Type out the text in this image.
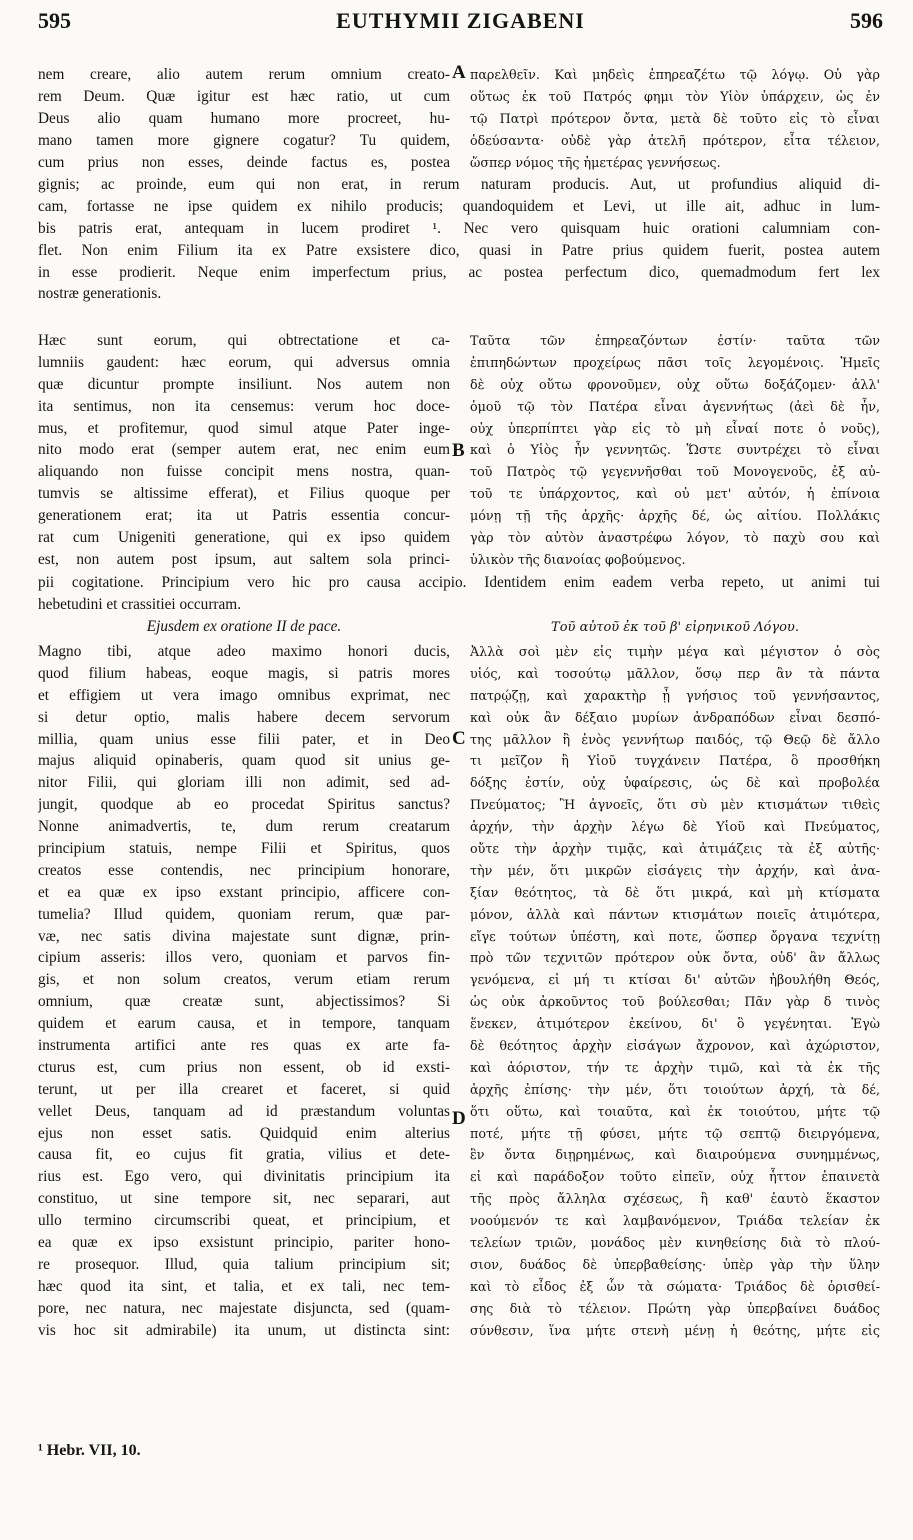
595	EUTHYMII ZIGABENI	596
nem creare, alio autem rerum omnium creato-
rem Deum. Quæ igitur est hæc ratio, ut cum
Deus alio quam humano more procreet, hu-
mano tamen more gignere cogatur? Tu quidem,
cum prius non esses, deinde factus es, postea
παρελθεῖν. Καὶ μηδεὶς ἐπηρεαζέτω τῷ λόγῳ. Οὐ γὰρ
οὕτως ἐκ τοῦ Πατρός φημι τὸν Υἱὸν ὑπάρχειν, ὡς ἐν
τῷ Πατρὶ πρότερον ὄντα, μετὰ δὲ τοῦτο εἰς τὸ εἶναι
ὁδεύσαντα· οὐδὲ γὰρ ἀτελῆ πρότερον, εἶτα τέλειον,
ὥσπερ νόμος τῆς ἡμετέρας γεννήσεως.
A
gignis; ac proinde, eum qui non erat, in rerum naturam producis. Aut, ut profundius aliquid di-
cam, fortasse ne ipse quidem ex nihilo producis; quandoquidem et Levi, ut ille ait, adhuc in lum-
bis patris erat, antequam in lucem prodiret ¹. Nec vero quisquam huic orationi calumniam con-
flet. Non enim Filium ita ex Patre exsistere dico, quasi in Patre prius quidem fuerit, postea autem
in esse prodierit. Neque enim imperfectum prius, ac postea perfectum dico, quemadmodum fert lex
nostræ generationis.
Hæc sunt eorum, qui obtrectatione et ca-
lumniis gaudent: hæc eorum, qui adversus omnia
quæ dicuntur prompte insiliunt. Nos autem non
ita sentimus, non ita censemus: verum hoc doce-
mus, et profitemur, quod simul atque Pater inge-
nito modo erat (semper autem erat, nec enim eum
aliquando non fuisse concipit mens nostra, quan-
tumvis se altissime efferat), et Filius quoque per
generationem erat; ita ut Patris essentia concur-
rat cum Unigeniti generatione, qui ex ipso quidem
est, non autem post ipsum, aut saltem sola princi-
Ταῦτα τῶν ἐπηρεαζόντων ἐστίν· ταῦτα τῶν
ἐπιπηδώντων προχείρως πᾶσι τοῖς λεγομένοις. Ἡμεῖς
δὲ οὐχ οὕτω φρονοῦμεν, οὐχ οὕτω δοξάζομεν· ἀλλ'
ὁμοῦ τῷ τὸν Πατέρα εἶναι ἀγεννήτως (ἀεὶ δὲ ἦν,
οὐχ ὑπερπίπτει γὰρ εἰς τὸ μὴ εἶναί ποτε ὁ νοῦς),
καὶ ὁ Υἱὸς ἦν γεννητῶς. Ὥστε συντρέχει τὸ εἶναι
τοῦ Πατρὸς τῷ γεγεννῆσθαι τοῦ Μονογενοῦς, ἐξ αὐ-
τοῦ τε ὑπάρχοντος, καὶ οὐ μετ' αὐτόν, ἡ ἐπίνοια
μόνῃ τῇ τῆς ἀρχῆς· ἀρχῆς δέ, ὡς αἰτίου. Πολλάκις
γὰρ τὸν αὐτὸν ἀναστρέφω λόγον, τὸ παχὺ σου καὶ
ὑλικὸν τῆς διανοίας φοβούμενος.
B
pii cogitatione. Principium vero hic pro causa accipio. Identidem enim eadem verba repeto, ut animi tui
hebetudini et crassitiei occurram.
Ejusdem ex oratione II de pace.	Τοῦ αὐτοῦ ἐκ τοῦ β' εἰρηνικοῦ Λόγου.
Magno tibi, atque adeo maximo honori ducis,
quod filium habeas, eoque magis, si patris mores
et effigiem ut vera imago omnibus exprimat, nec
si detur optio, malis habere decem servorum
millia, quam unius esse filii pater, et in Deo
majus aliquid opinaberis, quam quod sit unius ge-
nitor Filii, qui gloriam illi non adimit, sed ad-
jungit, quodque ab eo procedat Spiritus sanctus?
Nonne animadvertis, te, dum rerum creatarum
principium statuis, nempe Filii et Spiritus, quos
creatos esse contendis, nec principium honorare,
et ea quæ ex ipso exstant principio, afficere con-
tumelia? Illud quidem, quoniam rerum, quæ par-
væ, nec satis divina majestate sunt dignæ, prin-
cipium asseris: illos vero, quoniam et parvos fin-
gis, et non solum creatos, verum etiam rerum
omnium, quæ creatæ sunt, abjectissimos? Si
quidem et earum causa, et in tempore, tanquam
instrumenta artifici ante res quas ex arte fa-
cturus est, cum prius non essent, ob id exsti-
terunt, ut per illa crearet et faceret, si quid
vellet Deus, tanquam ad id præstandum voluntas
ejus non esset satis. Quidquid enim alterius
causa fit, eo cujus fit gratia, vilius et dete-
rius est. Ego vero, qui divinitatis principium ita
constituo, ut sine tempore sit, nec separari, aut
ullo termino circumscribi queat, et principium, et
ea quæ ex ipso exsistunt principio, pariter hono-
re prosequor. Illud, quia talium principium sit;
hæc quod ita sint, et talia, et ex tali, nec tem-
pore, nec natura, nec majestate disjuncta, sed (quam-
vis hoc sit admirabile) ita unum, ut distincta sint:
Ἀλλὰ σοὶ μὲν εἰς τιμὴν μέγα καὶ μέγιστον ὁ σὸς
υἱός, καὶ τοσούτῳ μᾶλλον, ὅσῳ περ ἂν τὰ πάντα
πατρῴζῃ, καὶ χαρακτὴρ ᾖ γνήσιος τοῦ γεννήσαντος,
καὶ οὐκ ἂν δέξαιο μυρίων ἀνδραπόδων εἶναι δεσπό-
της μᾶλλον ἢ ἑνὸς γεννήτωρ παιδός, τῷ Θεῷ δὲ ἄλλο
τι μεῖζον ἢ Υἱοῦ τυγχάνειν Πατέρα, ὃ προσθήκη
δόξης ἐστίν, οὐχ ὑφαίρεσις, ὡς δὲ καὶ προβολέα
Πνεύματος; Ἢ ἀγνοεῖς, ὅτι σὺ μὲν κτισμάτων τιθεὶς
ἀρχήν, τὴν ἀρχὴν λέγω δὲ Υἱοῦ καὶ Πνεύματος,
οὔτε τὴν ἀρχὴν τιμᾷς, καὶ ἀτιμάζεις τὰ ἐξ αὐτῆς·
τὴν μέν, ὅτι μικρῶν εἰσάγεις τὴν ἀρχήν, καὶ ἀνα-
ξίαν θεότητος, τὰ δὲ ὅτι μικρά, καὶ μὴ κτίσματα
μόνον, ἀλλὰ καὶ πάντων κτισμάτων ποιεῖς ἀτιμότερα,
εἴγε τούτων ὑπέστη, καὶ ποτε, ὥσπερ ὄργανα τεχνίτῃ
πρὸ τῶν τεχνιτῶν πρότερον οὐκ ὄντα, οὐδ' ἂν ἄλλως
γενόμενα, εἰ μή τι κτίσαι δι' αὐτῶν ἠβουλήθη Θεός,
ὡς οὐκ ἀρκοῦντος τοῦ βούλεσθαι; Πᾶν γὰρ δ τινὸς
ἕνεκεν, ἀτιμότερον ἐκείνου, δι' ὃ γεγένηται. Ἐγὼ
δὲ θεότητος ἀρχὴν εἰσάγων ἄχρονον, καὶ ἀχώριστον,
καὶ ἀόριστον, τήν τε ἀρχὴν τιμῶ, καὶ τὰ ἐκ τῆς
ἀρχῆς ἐπίσης· τὴν μέν, ὅτι τοιούτων ἀρχή, τὰ δέ,
ὅτι οὕτω, καὶ τοιαῦτα, καὶ ἐκ τοιούτου, μήτε τῷ
ποτέ, μήτε τῇ φύσει, μήτε τῷ σεπτῷ διειργόμενα,
ἓν ὄντα διῃρημένως, καὶ διαιρούμενα συνημμένως,
εἰ καὶ παράδοξον τοῦτο εἰπεῖν, οὐχ ἧττον ἐπαινετὰ
τῆς πρὸς ἄλληλα σχέσεως, ἢ καθ' ἑαυτὸ ἕκαστον
νοούμενόν τε καὶ λαμβανόμενον, Τριάδα τελείαν ἐκ
τελείων τριῶν, μονάδος μὲν κινηθείσης διὰ τὸ πλού-
σιον, δυάδος δὲ ὑπερβαθείσης· ὑπὲρ γὰρ τὴν ὕλην
καὶ τὸ εἶδος ἐξ ὧν τὰ σώματα· Τριάδος δὲ ὁρισθεί-
σης διὰ τὸ τέλειον. Πρώτη γὰρ ὑπερβαίνει δυάδος
σύνθεσιν, ἵνα μήτε στενὴ μένῃ ἡ θεότης, μήτε εἰς
C
D
¹ Hebr. VII, 10.
